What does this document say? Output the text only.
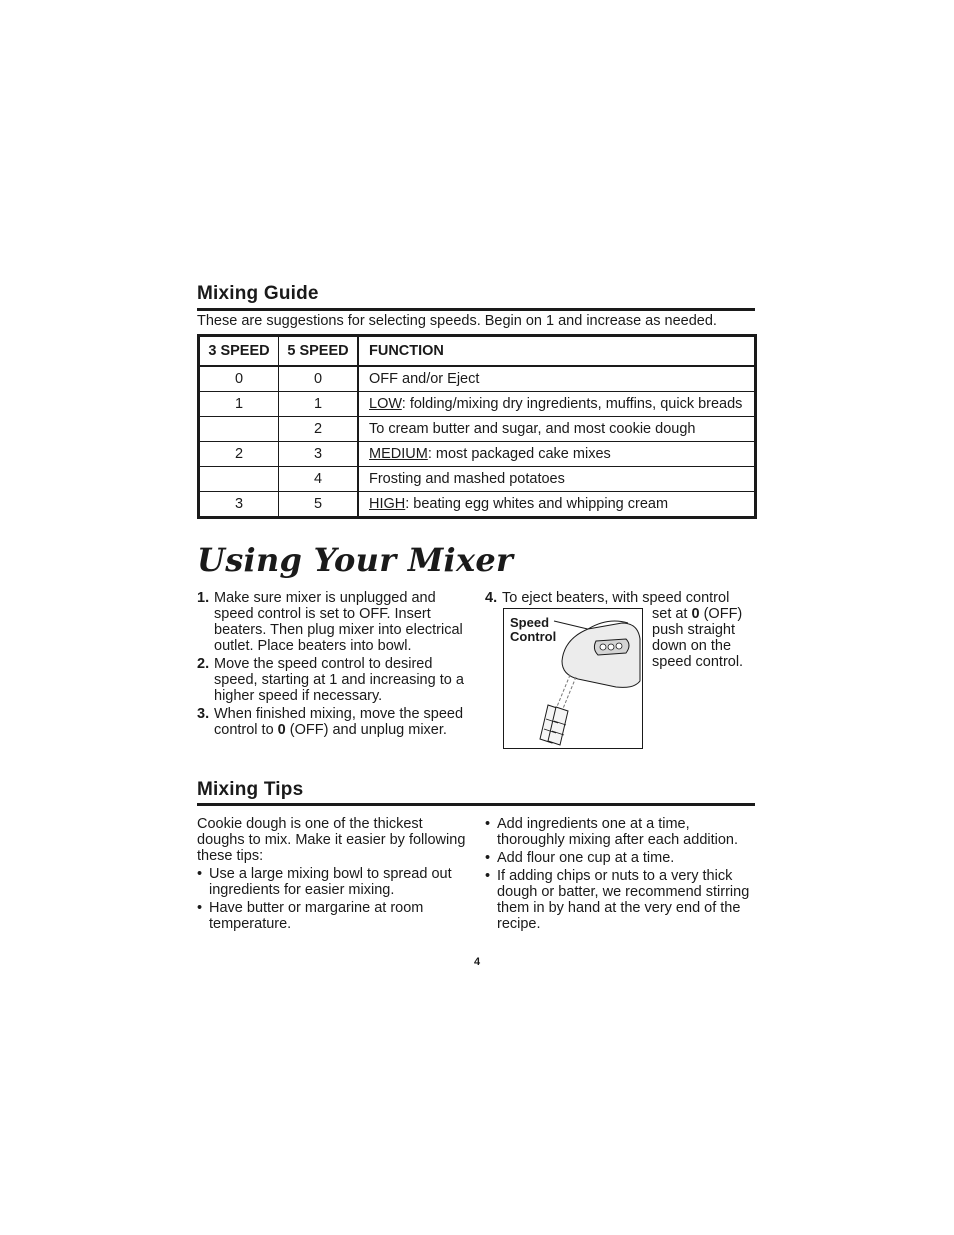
Mixing Guide
These are suggestions for selecting speeds. Begin on 1 and increase as needed.
3 SPEED	5 SPEED	FUNCTION
0	0	OFF and/or Eject
1	1	LOW: folding/mixing dry ingredients, muffins, quick breads
	2	To cream butter and sugar, and most cookie dough
2	3	MEDIUM: most packaged cake mixes
	4	Frosting and mashed potatoes
3	5	HIGH: beating egg whites and whipping cream
Using Your Mixer
1. Make sure mixer is unplugged and speed control is set to OFF. Insert beaters. Then plug mixer into electrical outlet. Place beaters into bowl.
2. Move the speed control to desired speed, starting at 1 and increasing to a higher speed if necessary.
3. When finished mixing, move the speed control to 0 (OFF) and unplug mixer.
4. To eject beaters, with speed control
set at 0 (OFF) push straight down on the speed control.
Speed
Control
Mixing Tips
Cookie dough is one of the thickest doughs to mix. Make it easier by following these tips:
• Use a large mixing bowl to spread out ingredients for easier mixing.
• Have butter or margarine at room temperature.
• Add ingredients one at a time, thoroughly mixing after each addition.
• Add flour one cup at a time.
• If adding chips or nuts to a very thick dough or batter, we recommend stirring them in by hand at the very end of the recipe.
4
